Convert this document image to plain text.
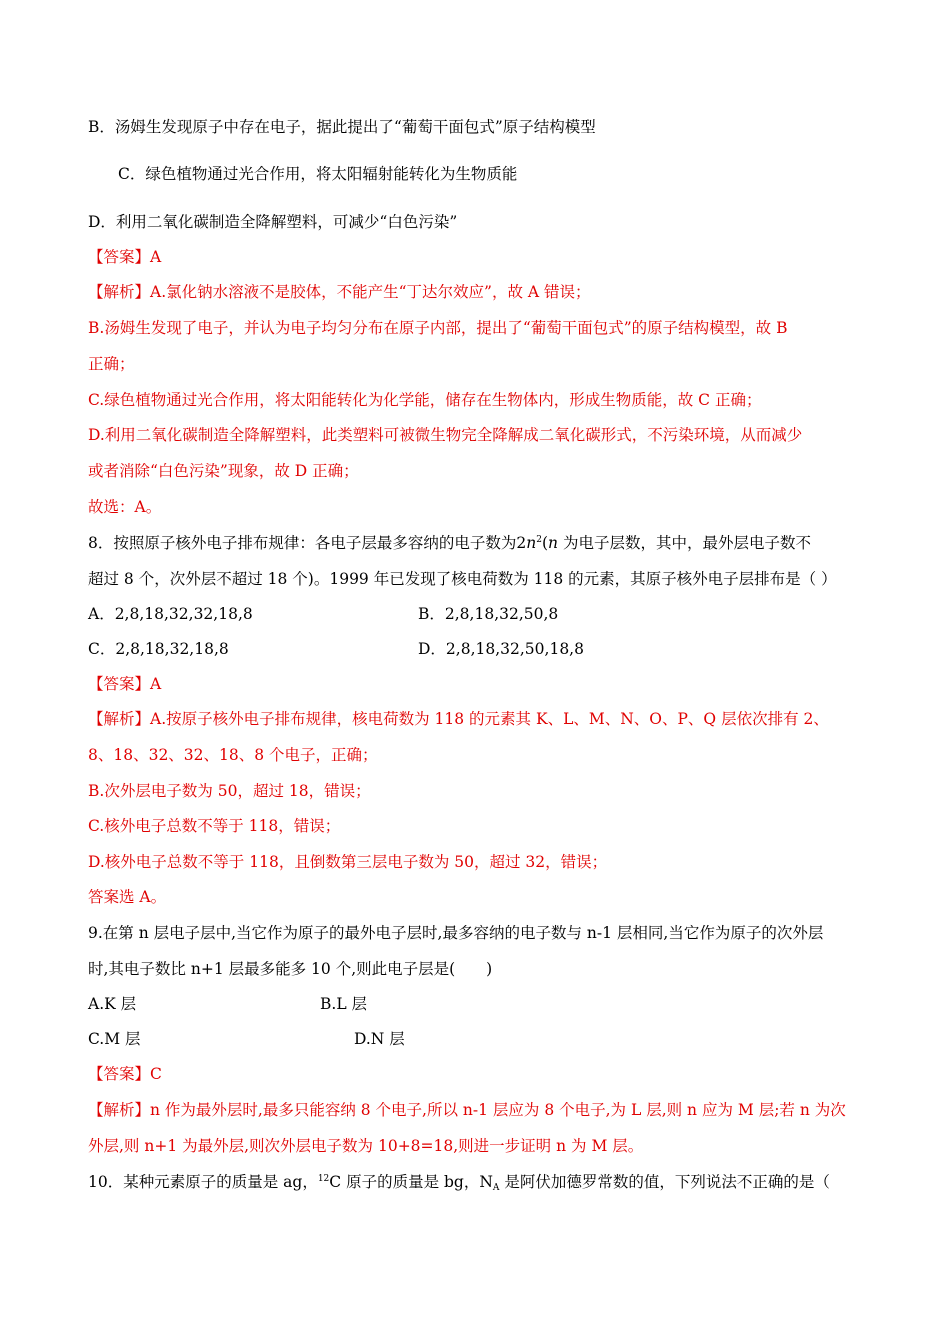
B．汤姆生发现原子中存在电子，据此提出了“葡萄干面包式”原子结构模型
C．绿色植物通过光合作用，将太阳辐射能转化为生物质能
D．利用二氧化碳制造全降解塑料，可减少“白色污染”
【答案】A
【解析】A.氯化钠水溶液不是胶体，不能产生“丁达尔效应”，故 A 错误；
B.汤姆生发现了电子，并认为电子均匀分布在原子内部，提出了“葡萄干面包式”的原子结构模型，故 B
正确；
C.绿色植物通过光合作用，将太阳能转化为化学能，储存在生物体内，形成生物质能，故 C 正确；
D.利用二氧化碳制造全降解塑料，此类塑料可被微生物完全降解成二氧化碳形式，不污染环境，从而减少
或者消除“白色污染”现象，故 D 正确；
故选：A。
8．按照原子核外电子排布规律：各电子层最多容纳的电子数为$2n^2(n$ 为电子层数，其中，最外层电子数不
超过 8 个，次外层不超过 18 个)。1999 年已发现了核电荷数为 118 的元素，其原子核外电子层排布是（ ）
A．2,8,18,32,32,18,8	B．2,8,18,32,50,8
C．2,8,18,32,18,8	D．2,8,18,32,50,18,8
【答案】A
【解析】A.按原子核外电子排布规律，核电荷数为 118 的元素其 K、L、M、N、O、P、Q 层依次排有 2、
8、18、32、32、18、8 个电子，正确；
B.次外层电子数为 50，超过 18，错误；
C.核外电子总数不等于 118，错误；
D.核外电子总数不等于 118，且倒数第三层电子数为 50，超过 32，错误；
答案选 A。
9.在第 n 层电子层中,当它作为原子的最外电子层时,最多容纳的电子数与 n-1 层相同,当它作为原子的次外层
时,其电子数比 n+1 层最多能多 10 个,则此电子层是(　　)
A.K 层	B.L 层
C.M 层	D.N 层
【答案】C
【解析】n 作为最外层时,最多只能容纳 8 个电子,所以 n-1 层应为 8 个电子,为 L 层,则 n 应为 M 层;若 n 为次
外层,则 n+1 为最外层,则次外层电子数为 10+8=18,则进一步证明 n 为 M 层。
10．某种元素原子的质量是 ag，$^{12}$C 原子的质量是 bg，$N_A$ 是阿伏加德罗常数的值，下列说法不正确的是（
